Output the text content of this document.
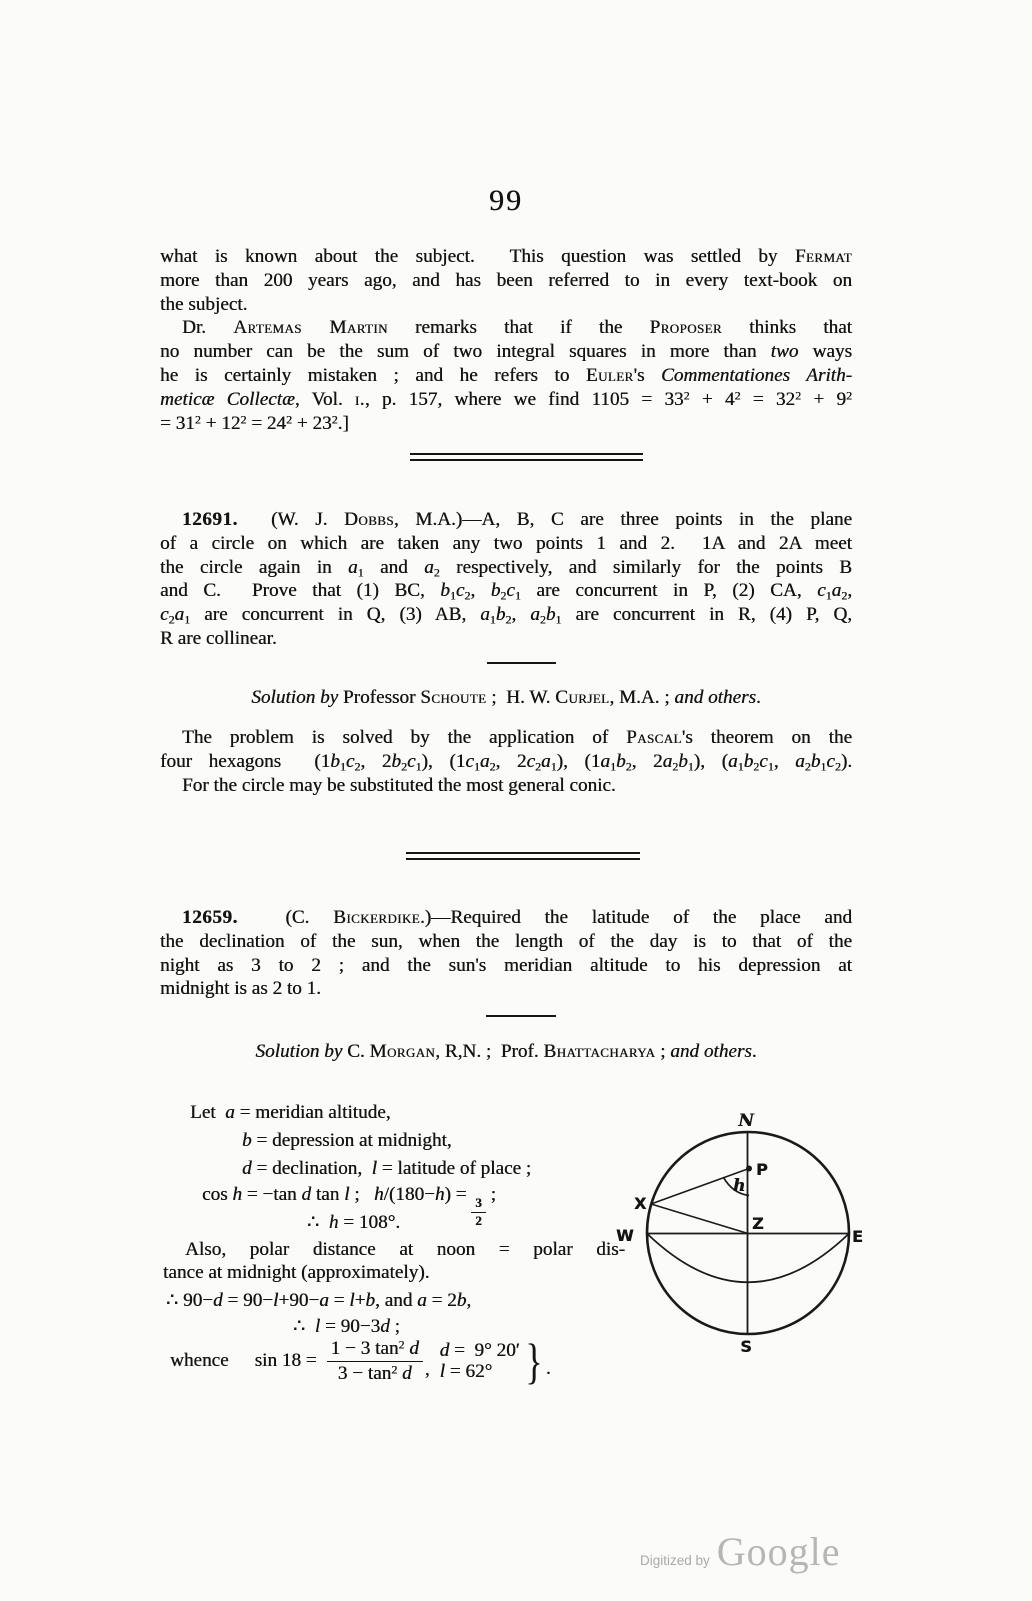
99
what is known about the subject.  This question was settled by Fermat
more than 200 years ago, and has been referred to in every text-book on
the subject.
Dr. Artemas Martin remarks that if the Proposer thinks that
no number can be the sum of two integral squares in more than two ways
he is certainly mistaken ; and he refers to Euler's Commentationes Arith-
meticæ Collectæ, Vol. i., p. 157, where we find $1105 = 33^2 + 4^2 = 32^2 + 9^2$
= $31^2 + 12^2 = 24^2 + 23^2$.]
12691.  (W. J. Dobbs, M.A.)—A, B, C are three points in the plane
of a circle on which are taken any two points 1 and 2.  1A and 2A meet
the circle again in $a_1$ and $a_2$ respectively, and similarly for the points B
and C.  Prove that (1) BC, $b_1c_2$, $b_2c_1$ are concurrent in P, (2) CA, $c_1a_2$,
$c_2a_1$ are concurrent in Q, (3) AB, $a_1b_2$, $a_2b_1$ are concurrent in R, (4) P, Q,
R are collinear.
Solution by Professor Schoute ;  H. W. Curjel, M.A. ; and others.
The problem is solved by the application of Pascal's theorem on the
four hexagons  ($1b_1c_2$, $2b_2c_1$), ($1c_1a_2$, $2c_2a_1$), ($1a_1b_2$, $2a_2b_1$), ($a_1b_2c_1$, $a_2b_1c_2$).
For the circle may be substituted the most general conic.
12659.  (C. Bickerdike.)—Required the latitude of the place and
the declination of the sun, when the length of the day is to that of the
night as 3 to 2 ; and the sun's meridian altitude to his depression at
midnight is as 2 to 1.
Solution by C. Morgan, R,N. ;  Prof. Bhattacharya ; and others.
Let  a = meridian altitude,
b = depression at midnight,
d = declination,  l = latitude of place ;
cos h = −tan d tan l ;   h/(180−h) =
$\frac{3}{2}$
;
∴  h = 108°.
Also, polar distance at noon = polar dis-
tance at midnight (approximately).
∴ 90−d = 90−l+90−a = l+b, and a = 2b,
∴  l = 90−3d ;
whence $\sin 18 = \frac{1 - 3 \tan^2 d}{3 - \tan^2 d}$ ,
d =  9° 20′
l = 62° } .
N
P
h
X
Z
W	E
S
Digitized by Google
